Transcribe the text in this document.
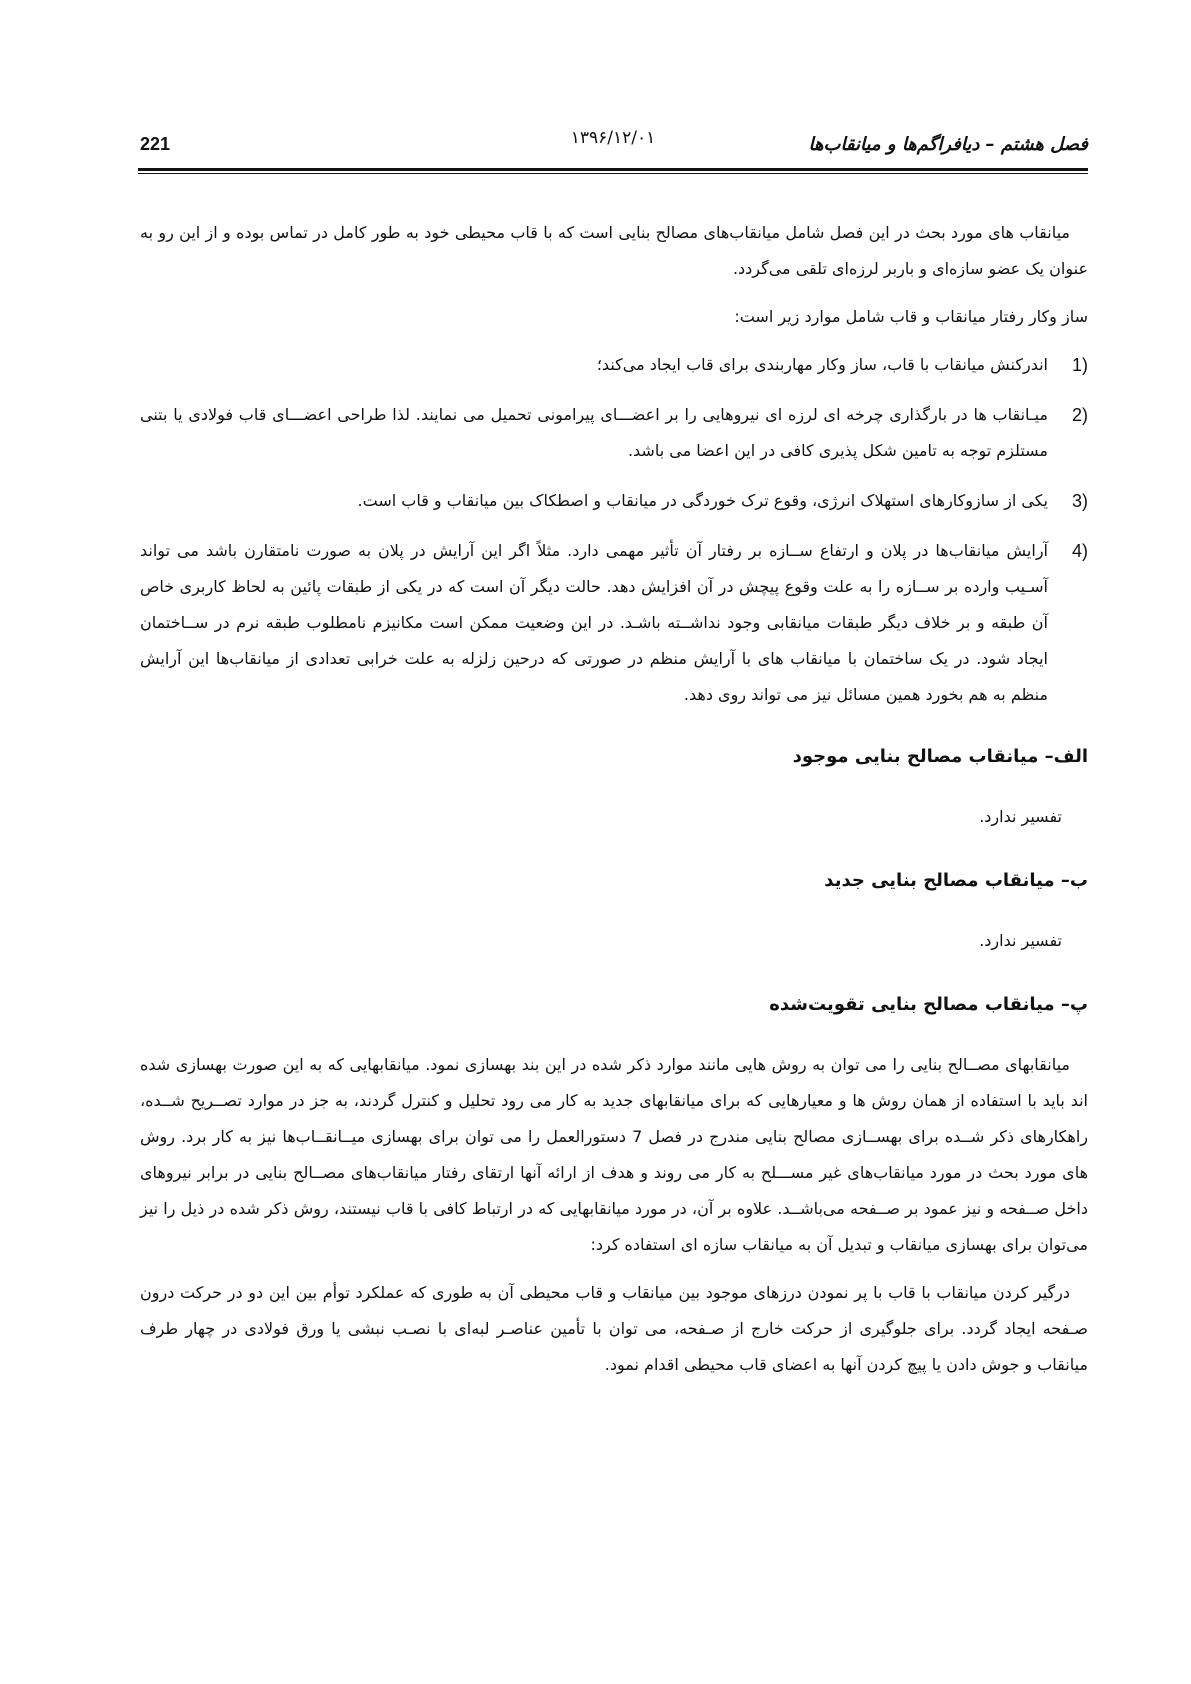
فصل هشتم – دیافراگم‌ها و میانقاب‌ها
۱۳۹۶/۱۲/۰۱
221

میانقاب های مورد بحث در این فصل شامل میانقاب‌های مصالح بنایی است که با قاب محیطی خود به طور کامل در تماس بوده و از این رو به عنوان یک عضو سازه‌ای و باربر لرزه‌ای تلقی می‌گردد.

ساز وکار رفتار میانقاب و قاب شامل موارد زیر است:

1)
اندرکنش میانقاب با قاب، ساز وکار مهاربندی برای قاب ایجاد می‌کند؛
2)
میـانقاب ها در بارگذاری چرخه ای لرزه ای نیروهایی را بر اعضـــای پیرامونی تحمیل می نمایند. لذا طراحی اعضـــای قاب فولادی یا بتنی مستلزم توجه به تامین شکل پذیری کافی در این اعضا می باشد.
3)
یکی از سازوکارهای استهلاک انرژی، وقوع ترک خوردگی در میانقاب و اصطکاک بین میانقاب و قاب است.
4)
آرایش میانقاب‌ها در پلان و ارتفاع ســازه بر رفتار آن تأثیر مهمی دارد. مثلاً اگر این آرایش در پلان به صورت نامتقارن باشد می تواند آسـیب وارده بر ســازه را به علت وقوع پیچش در آن افزایش دهد. حالت دیگر آن است که در یکی از طبقات پائین به لحاظ کاربری خاص آن طبقه و بر خلاف دیگر طبقات میانقابی وجود نداشــته باشـد. در این وضعیت ممکن است مکانیزم نامطلوب طبقه نرم در ســاختمان ایجاد شود. در یک ساختمان با میانقاب های با آرایش منظم در صورتی که درحین زلزله به علت خرابی تعدادی از میانقاب‌ها این آرایش منظم به هم بخورد همین مسائل نیز می تواند روی دهد.
الف– میانقاب مصالح بنایی موجود
تفسیر ندارد.
ب– میانقاب مصالح بنایی جدید
تفسیر ندارد.
پ– میانقاب مصالح بنایی تقویت‌شده

میانقابهای مصــالح بنایی را می توان به روش هایی مانند موارد ذکر شده در این بند بهسازی نمود. میانقابهایی که به این صورت بهسازی شده اند باید با استفاده از همان روش ها و معیارهایی که برای میانقابهای جدید به کار می رود تحلیل و کنترل گردند، به جز در موارد تصــریح شــده، راهکارهای ذکر شــده برای بهســازی مصالح بنایی مندرج در فصل 7 دستورالعمل را می توان برای بهسازی میــانقــاب‌ها نیز به کار برد. روش های مورد بحث در مورد میانقاب‌های غیر مســـلح به کار می روند و هدف از ارائه آنها ارتقای رفتار میانقاب‌های مصــالح بنایی در برابر نیروهای داخل صــفحه و نیز عمود بر صــفحه می‌باشــد. علاوه بر آن، در مورد میانقابهایی که در ارتباط کافی با قاب نیستند، روش ذکر شده در ذیل را نیز می‌توان برای بهسازی میانقاب و تبدیل آن به میانقاب سازه ای استفاده کرد:

درگیر کردن میانقاب با قاب با پر نمودن درزهای موجود بین میانقاب و قاب محیطی آن به طوری که عملکرد توأم بین این دو در حرکت درون صـفحه ایجاد گردد. برای جلوگیری از حرکت خارج از صـفحه، می توان با تأمین عناصـر لبه‌ای با نصـب نبشی یا ورق فولادی در چهار طرف میانقاب و جوش دادن یا پیچ کردن آنها به اعضای قاب محیطی اقدام نمود.
